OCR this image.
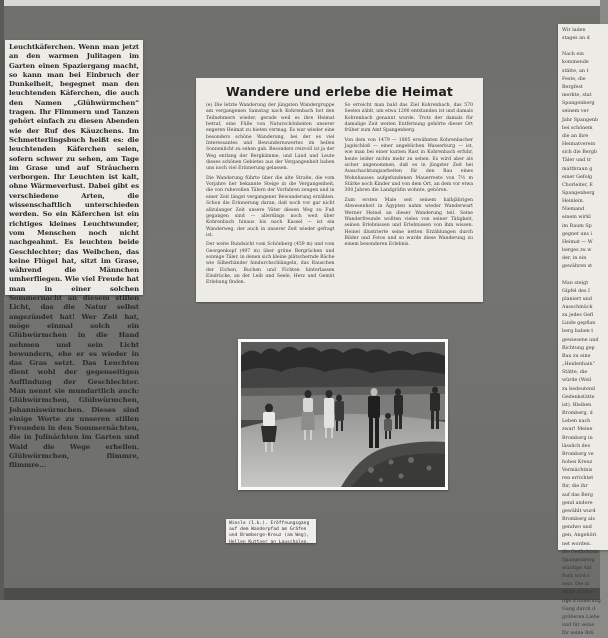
Leuchtkäferchen. Wenn man jetzt an den warmen Julitagen im Garten einen Spaziergang macht, so kann man bei Einbruch der Dunkelheit, begegnet man den leuchtenden Käferchen, die auch den Namen „Glühwürmchen“ tragen. Ihr Flimmern und Tanzen gehört einfach zu diesen Abenden wie der Ruf des Käuzchens. Im Schmetterlingsbuch heißt es: die leuchtenden Käferchen seien, sofern schwer zu sehen, am Tage im Grase und auf Sträuchern verborgen. Ihr Leuchten ist kalt, ohne Wärmeverlust. Dabei gibt es verschiedene Arten, die wissenschaftlich unterschieden werden. So ein Käferchen ist ein richtiges kleines Leuchtwunder, vom Menschen noch nicht nachgeahmt. Es leuchten beide Geschlechter; das Weibchen, das keine Flügel hat, sitzt im Grase, während die Männchen umherfliegen. Wie viel Freude hat man in einer solchen Sommernacht an diesem stillen Licht, das die Natur selbst angezündet hat! Wer Zeit hat, möge einmal solch ein Glühwürmchen in die Hand nehmen und sein Licht bewundern, ehe er es wieder in das Gras setzt. Das Leuchten dient wohl der gegenseitigen Auffindung der Geschlechter. Man nennt sie mundartlich auch: Glühwürmchen, Glühwürmchen, Johanniswürmchen. Dieses sind einige Worte zu unseren stillen Freunden in den Sommernächten, die in Julinächten im Garten und Wald die Wege erhellen. Glühwürmchen, flimmre, flimmre...

Wandere und erlebe die Heimat

(e) Die letzte Wanderung der jüngsten Wandergruppe am vergangenen Samstag nach Kohrenbach bot den Teilnehmern wieder, gerade weil es ihre Heimat betraf, eine Fülle von Naturschönheiten unserer engeren Heimat zu bieten vermag. Es war wieder eine besonders schöne Wanderung, bei der es viel Interessantes und Bewundernswertes im hellen Sonnenlicht zu sehen gab. Besonders reizvoll ist ja der Weg entlang der Bergkämme, und Land und Leute dieses schönen Gebietes aus der Vergangenheit haben uns noch viel Erinnerung gelassen.

Die Wanderung führte über die alte Straße, die vom Vorjahre her bekannte Steige in die Vergangenheit, die von ruhevollen Tälern der Vorfahren zeugen und in einer Zeit längst vergangener Bewunderung erzählen. Schon die Erinnerung daran, daß noch vor gar nicht allzulanger Zeit unsere Väter diesen Weg zu Fuß gegangen sind — allerdings noch weit über Kohrenbach hinaus bis nach Kassel — ist ein Wanderweg, der auch in unserer Zeit wieder gefragt ist.

Der weite Rundsicht vom Schönberg (459 m) und vom Georgenkopf (497 m) über grüne Bergrücken und sonnige Täler, in denen sich kleine plätschernde Bäche wie Silberbänder hindurchschlängeln, das Rauschen der Eichen, Buchen und Fichten hinterlassen Eindrücke, an der Leib und Seele, Herz und Gemüt Erlebung finden.

So erreicht man bald das Ziel Kohrenbach, das 570 Seelen zählt, um etwa 1200 entstanden ist und damals Kohrenbach genannt wurde. Trotz der damals für damalige Zeit weiten Entfernung gehörte dieser Ort früher zum Amt Spangenberg.

Von dem von 1479 — 1805 erwähnten Kohrenbacher Jagdschloß — einer angeblichen Wasserburg — ist, wie man bei einer kurzen Rast in Kohrenbach erfuhr, heute leider nichts mehr zu sehen. Es wird aber als sicher angenommen, daß es in jüngster Zeit bei Ausschachtungsarbeiten für den Bau eines Wohnhauses aufgefundenen Mauerreste von 7½ m Stärke noch Kinder und von dem Ort, an dem vor etwa 300 Jahren die Landgräfin wohnte, gehören.

Zum ersten Male seit seinem halbjährigen Abwesenheit in Ägypten nahm wieder Wanderwart Werner Heinel an dieser Wanderung teil. Seine Wanderfreunde wollten vieles von seiner Tätigkeit, seinen Erlebnissen und Erlebnissen von ihm wissen. Heinel illustrierte seine netten Erzählungen durch Bilder und Fotos und so wurde diese Wanderung zu einem besonderen Erlebnis.

Wir laden

stages an d

Nach ein

kommende

stätte, an t

Feste, die

Bergfest

merkte, stat

Spangenberg

seinem ver

Jahr Spangenb

bei schönem

die an ihre

Heimatverein

sich die Bergb

Täler und tr

mattbraun g

einer Gefolg

Chorleiter, E

Spangenberg

Heinlein.

Niemand

einem wirkl

im Raum Sp

gegnet uns i

Heimat — W

berges zu w

der, in ein

gewähren st

Man steigt

Gipfel des I

planiert und

Ausschmück

zu jedes Gefl

Linde gepflan

berg haben t

gewiesene und

Richtung gep

Bau zu eine

„Heidenhain“

Stätte, die

würde (Weil

zu bedeutend

Gedenkstätte

ist). Bleiben

Bromberg, d

Leben nach

zwar! Meine

Bromberg in

lässlich des

Bromberg ve

hohes Kreuz

Vermächtnis

ren errichtet

Ihr, die ihr

auf das Berg

gend andere

gewählt wurd

Bromberg als

gendwo und

gen, Angehöri

net worden.

die Gedächtnis

Spangenberg

würdige Anl

Park wird s

sein. Die in

Mitte wird je

tige Erinnerung

Gang durch d

größeren Liebe

und für seine

für seine Brü

Wieslo (1.k.). Eröffnungsgang

auf dem Wanderpfad am Gräfen

und Bromberge-Kreuz (am Weg),

Hellen Kuttner an Lauschalen.
